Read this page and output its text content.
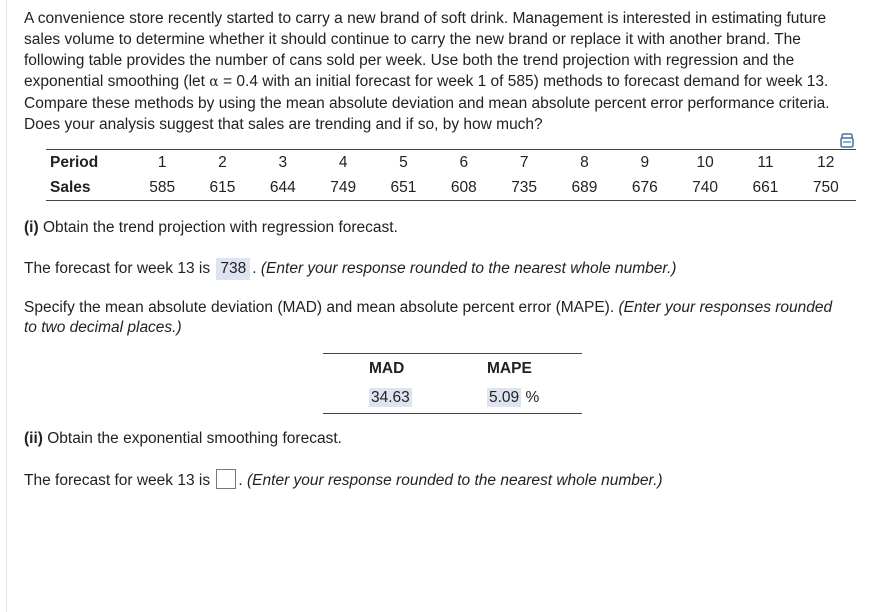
A convenience store recently started to carry a new brand of soft drink. Management is interested in estimating future
sales volume to determine whether it should continue to carry the new brand or replace it with another brand. The
following table provides the number of cans sold per week. Use both the trend projection with regression and the
exponential smoothing (let α = 0.4 with an initial forecast for week 1 of 585) methods to forecast demand for week 13.
Compare these methods by using the mean absolute deviation and mean absolute percent error performance criteria.
Does your analysis suggest that sales are trending and if so, by how much?
Period	1	2	3	4	5	6	7	8	9	10	11	12
Sales	585	615	644	749	651	608	735	689	676	740	661	750
(i) Obtain the trend projection with regression forecast.
The forecast for week 13 is 738 . (Enter your response rounded to the nearest whole number.)
Specify the mean absolute deviation (MAD) and mean absolute percent error (MAPE). (Enter your responses rounded
to two decimal places.)
MAD	MAPE
34.63	5.09 %
(ii) Obtain the exponential smoothing forecast.
The forecast for week 13 is . (Enter your response rounded to the nearest whole number.)
